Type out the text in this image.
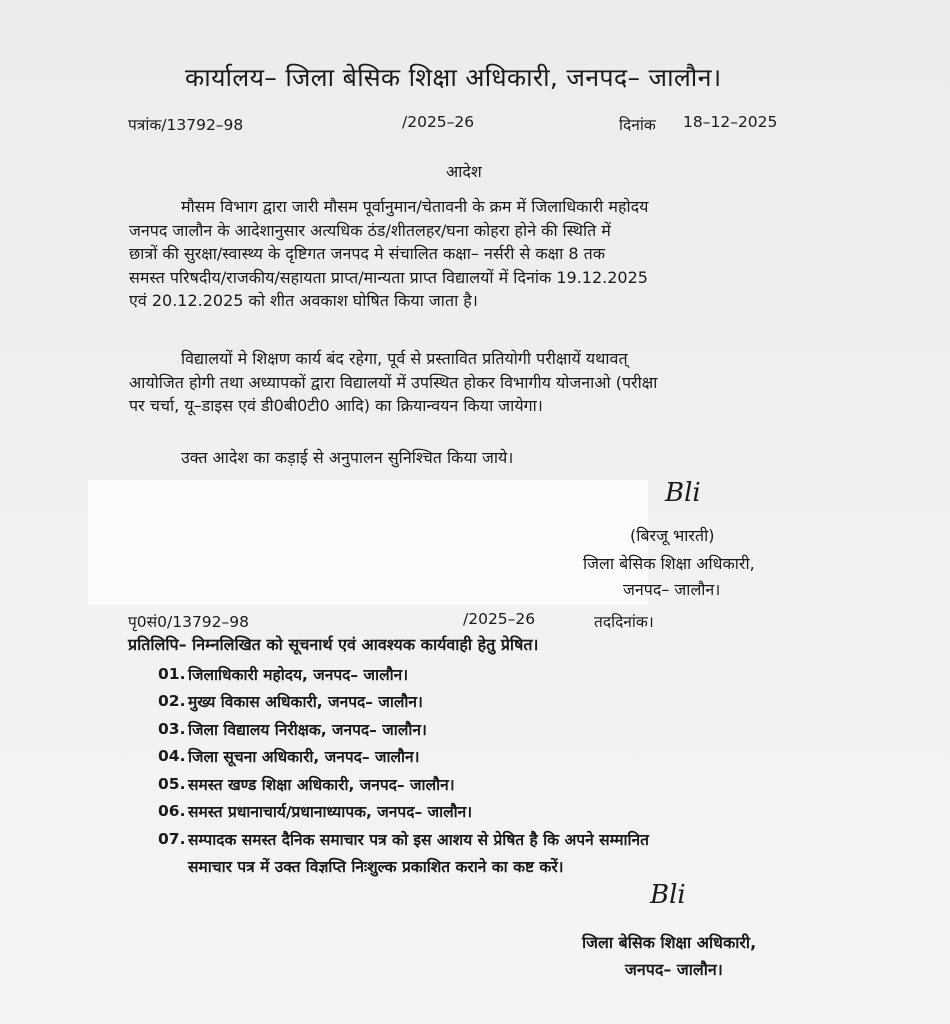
कार्यालय– जिला बेसिक शिक्षा अधिकारी, जनपद– जालौन।
पत्रांक/13792–98	/2025–26	दिनांक 18–12–2025
आदेश
मौसम विभाग द्वारा जारी मौसम पूर्वानुमान/चेतावनी के क्रम में जिलाधिकारी महोदय
जनपद जालौन के आदेशानुसार अत्यधिक ठंड/शीतलहर/घना कोहरा होने की स्थिति में
छात्रों की सुरक्षा/स्वास्थ्य के दृष्टिगत जनपद मे संचालित कक्षा– नर्सरी से कक्षा 8 तक
समस्त परिषदीय/राजकीय/सहायता प्राप्त/मान्यता प्राप्त विद्यालयों में दिनांक 19.12.2025
एवं 20.12.2025 को शीत अवकाश घोषित किया जाता है।
विद्यालयों मे शिक्षण कार्य बंद रहेगा, पूर्व से प्रस्तावित प्रतियोगी परीक्षायें यथावत्
आयोजित होगी तथा अध्यापकों द्वारा विद्यालयों में उपस्थित होकर विभागीय योजनाओ (परीक्षा
पर चर्चा, यू–डाइस एवं डी0बी0टी0 आदि) का क्रियान्वयन किया जायेगा।
उक्त आदेश का कड़ाई से अनुपालन सुनिश्चित किया जाये।
Bli
(बिरजू भारती)
जिला बेसिक शिक्षा अधिकारी,
जनपद– जालौन।
पृ0सं0/13792–98	/2025–26	तददिनांक।
प्रतिलिपि– निम्नलिखित को सूचनार्थ एवं आवश्यक कार्यवाही हेतु प्रेषित।
01. जिलाधिकारी महोदय, जनपद– जालौन।
02. मुख्य विकास अधिकारी, जनपद– जालौन।
03. जिला विद्यालय निरीक्षक, जनपद– जालौन।
04. जिला सूचना अधिकारी, जनपद– जालौन।
05. समस्त खण्ड शिक्षा अधिकारी, जनपद– जालौन।
06. समस्त प्रधानाचार्य/प्रधानाध्यापक, जनपद– जालौन।
07. सम्पादक समस्त दैनिक समाचार पत्र को इस आशय से प्रेषित है कि अपने सम्मानित
समाचार पत्र में उक्त विज्ञप्ति निःशुल्क प्रकाशित कराने का कष्ट करें।
Bli
जिला बेसिक शिक्षा अधिकारी,
जनपद– जालौन।
